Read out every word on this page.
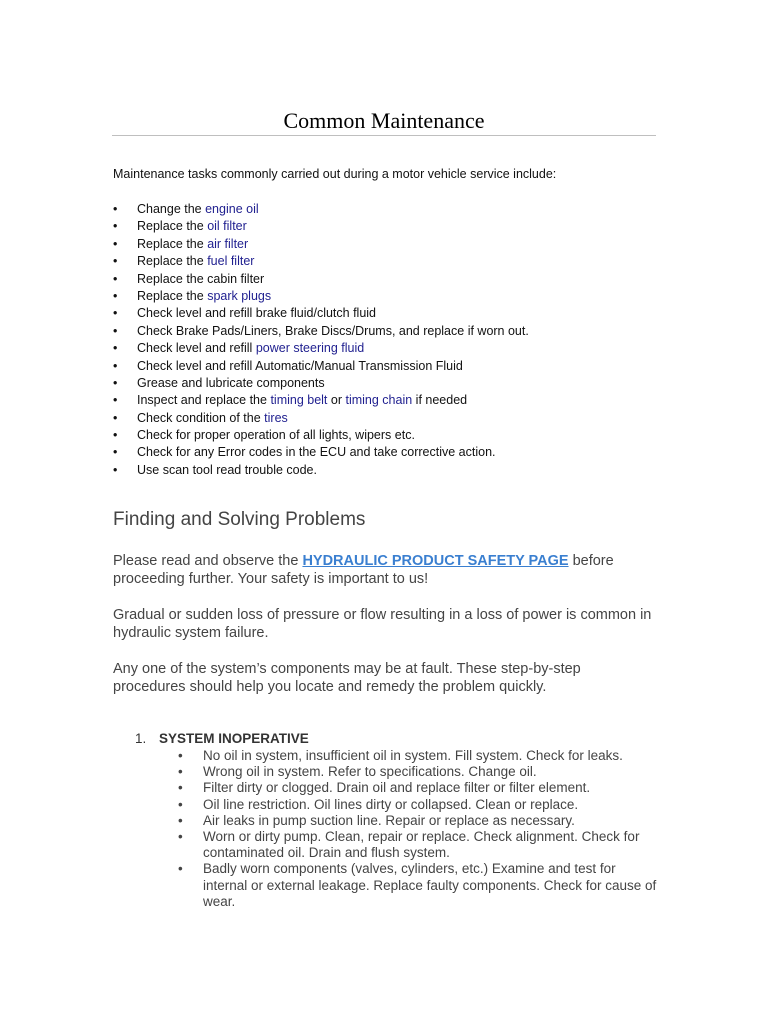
Common Maintenance
Maintenance tasks commonly carried out during a motor vehicle service include:
• Change the engine oil
• Replace the oil filter
• Replace the air filter
• Replace the fuel filter
• Replace the cabin filter
• Replace the spark plugs
• Check level and refill brake fluid/clutch fluid
• Check Brake Pads/Liners, Brake Discs/Drums, and replace if worn out.
• Check level and refill power steering fluid
• Check level and refill Automatic/Manual Transmission Fluid
• Grease and lubricate components
• Inspect and replace the timing belt or timing chain if needed
• Check condition of the tires
• Check for proper operation of all lights, wipers etc.
• Check for any Error codes in the ECU and take corrective action.
• Use scan tool read trouble code.
Finding and Solving Problems
Please read and observe the HYDRAULIC PRODUCT SAFETY PAGE before proceeding further. Your safety is important to us!
Gradual or sudden loss of pressure or flow resulting in a loss of power is common in hydraulic system failure.
Any one of the system’s components may be at fault. These step-by-step procedures should help you locate and remedy the problem quickly.
1. SYSTEM INOPERATIVE
• No oil in system, insufficient oil in system. Fill system. Check for leaks.
• Wrong oil in system. Refer to specifications. Change oil.
• Filter dirty or clogged. Drain oil and replace filter or filter element.
• Oil line restriction. Oil lines dirty or collapsed. Clean or replace.
• Air leaks in pump suction line. Repair or replace as necessary.
• Worn or dirty pump. Clean, repair or replace. Check alignment. Check for contaminated oil. Drain and flush system.
• Badly worn components (valves, cylinders, etc.) Examine and test for internal or external leakage. Replace faulty components. Check for cause of wear.
